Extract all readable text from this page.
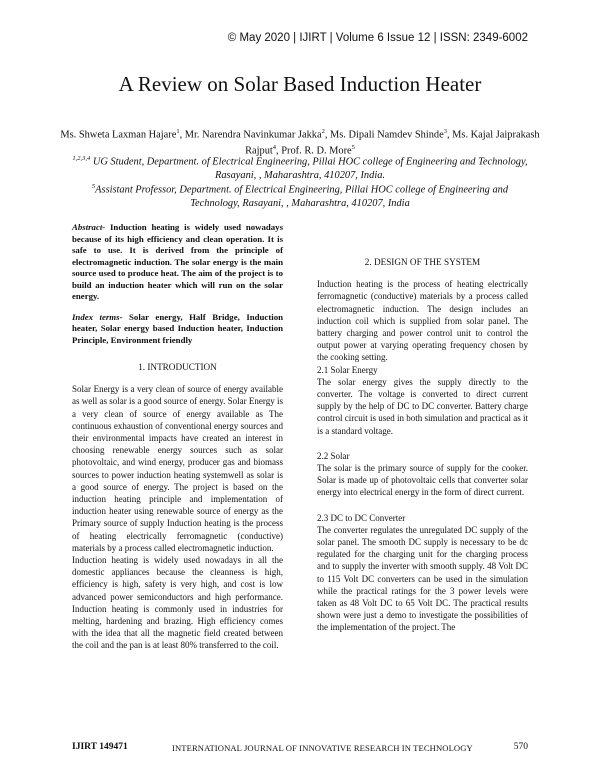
© May 2020 | IJIRT | Volume 6 Issue 12 | ISSN: 2349-6002
A Review on Solar Based Induction Heater
Ms. Shweta Laxman Hajare$^1$, Mr. Narendra Navinkumar Jakka$^2$, Ms. Dipali Namdev Shinde$^3$, Ms. Kajal Jaiprakash Rajput$^4$, Prof. R. D. More$^5$
$^{1,2,3,4}$ UG Student, Department. of Electrical Engineering, Pillai HOC college of Engineering and Technology, Rasayani, , Maharashtra, 410207, India.
$^5$Assistant Professor, Department. of Electrical Engineering, Pillai HOC college of Engineering and Technology, Rasayani, , Maharashtra, 410207, India

Abstract- Induction heating is widely used nowadays because of its high efficiency and clean operation. It is safe to use. It is derived from the principle of electromagnetic induction. The solar energy is the main source used to produce heat. The aim of the project is to build an induction heater which will run on the solar energy.

Index terms- Solar energy, Half Bridge, Induction heater, Solar energy based Induction heater, Induction Principle, Environment friendly

1. INTRODUCTION

Solar Energy is a very clean of source of energy available as well as solar is a good source of energy. Solar Energy is a very clean of source of energy available as The continuous exhaustion of conventional energy sources and their environmental impacts have created an interest in choosing renewable energy sources such as solar photovoltaic, and wind energy, producer gas and biomass sources to power induction heating systemwell as solar is a good source of energy. The project is based on the induction heating principle and implementation of induction heater using renewable source of energy as the Primary source of supply Induction heating is the process of heating electrically ferromagnetic (conductive) materials by a process called electromagnetic induction.

Induction heating is widely used nowadays in all the domestic appliances because the cleanness is high, efficiency is high, safety is very high, and cost is low advanced power semiconductors and high performance. Induction heating is commonly used in industries for melting, hardening and brazing. High efficiency comes with the idea that all the magnetic field created between the coil and the pan is at least 80% transferred to the coil.

2. DESIGN OF THE SYSTEM

Induction heating is the process of heating electrically ferromagnetic (conductive) materials by a process called electromagnetic induction. The design includes an induction coil which is supplied from solar panel. The battery charging and power control unit to control the output power at varying operating frequency chosen by the cooking setting.

2.1 Solar Energy

The solar energy gives the supply directly to the converter. The voltage is converted to direct current supply by the help of DC to DC converter. Battery charge control circuit is used in both simulation and practical as it is a standard voltage.

2.2 Solar

The solar is the primary source of supply for the cooker. Solar is made up of photovoltaic cells that converter solar energy into electrical energy in the form of direct current.

2.3 DC to DC Converter

The converter regulates the unregulated DC supply of the solar panel. The smooth DC supply is necessary to be dc regulated for the charging unit for the charging process and to supply the inverter with smooth supply. 48 Volt DC to 115 Volt DC converters can be used in the simulation while the practical ratings for the 3 power levels were taken as 48 Volt DC to 65 Volt DC. The practical results shown were just a demo to investigate the possibilities of the implementation of the project. The

IJIRT 149471	INTERNATIONAL JOURNAL OF INNOVATIVE RESEARCH IN TECHNOLOGY	570
